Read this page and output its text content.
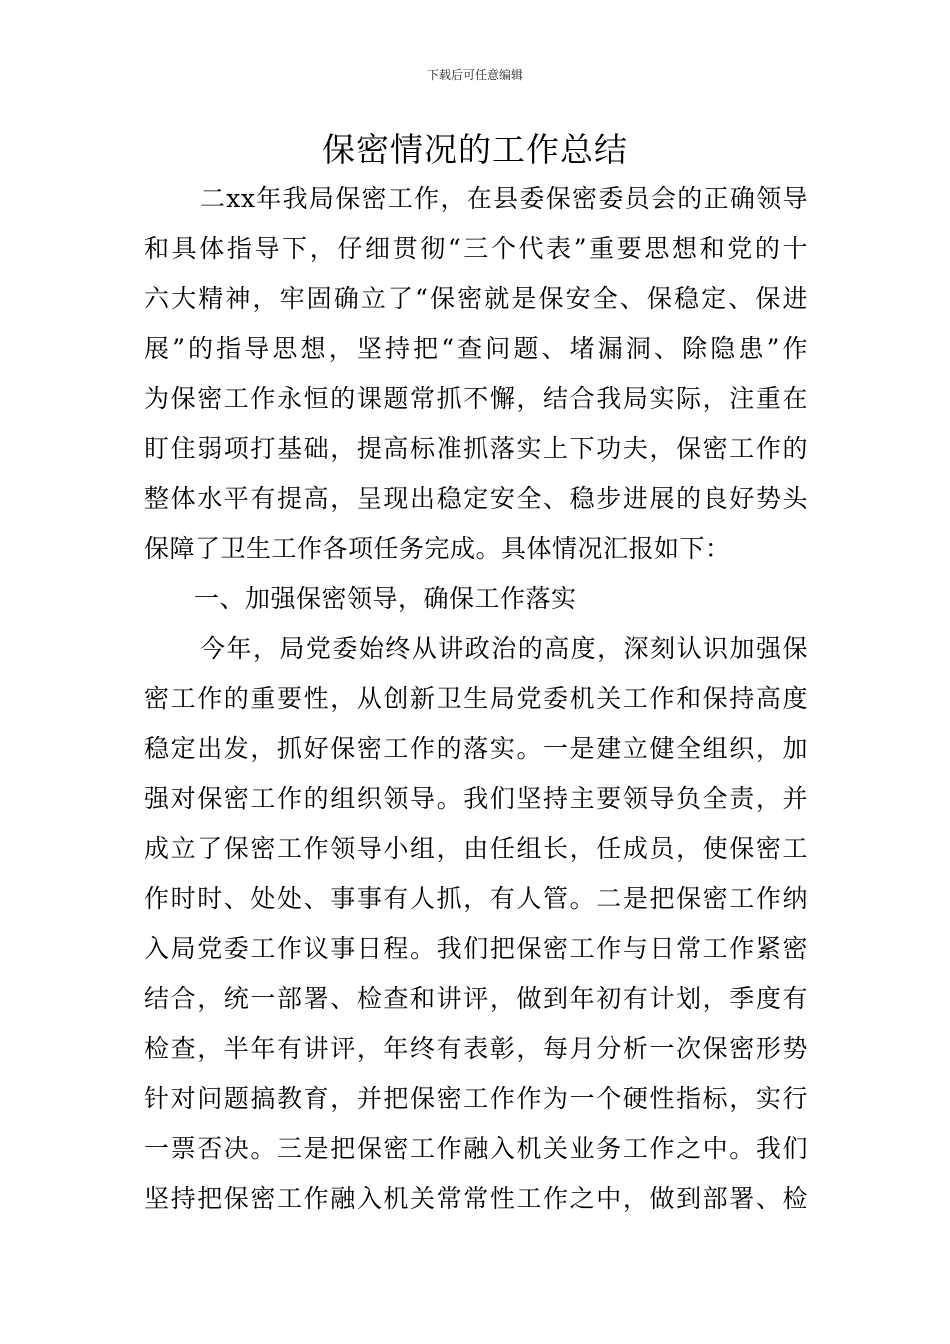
下载后可任意编辑
保密情况的工作总结
二xx年我局保密工作，在县委保密委员会的正确领导
和具体指导下，仔细贯彻“三个代表”重要思想和党的十
六大精神，牢固确立了“保密就是保安全、保稳定、保进
展”的指导思想，坚持把“查问题、堵漏洞、除隐患”作
为保密工作永恒的课题常抓不懈，结合我局实际，注重在
盯住弱项打基础，提高标准抓落实上下功夫，保密工作的
整体水平有提高，呈现出稳定安全、稳步进展的良好势头
保障了卫生工作各项任务完成。具体情况汇报如下：
一、加强保密领导，确保工作落实
今年，局党委始终从讲政治的高度，深刻认识加强保
密工作的重要性，从创新卫生局党委机关工作和保持高度
稳定出发，抓好保密工作的落实。一是建立健全组织，加
强对保密工作的组织领导。我们坚持主要领导负全责，并
成立了保密工作领导小组，由任组长，任成员，使保密工
作时时、处处、事事有人抓，有人管。二是把保密工作纳
入局党委工作议事日程。我们把保密工作与日常工作紧密
结合，统一部署、检查和讲评，做到年初有计划，季度有
检查，半年有讲评，年终有表彰，每月分析一次保密形势
针对问题搞教育，并把保密工作作为一个硬性指标，实行
一票否决。三是把保密工作融入机关业务工作之中。我们
坚持把保密工作融入机关常常性工作之中，做到部署、检
